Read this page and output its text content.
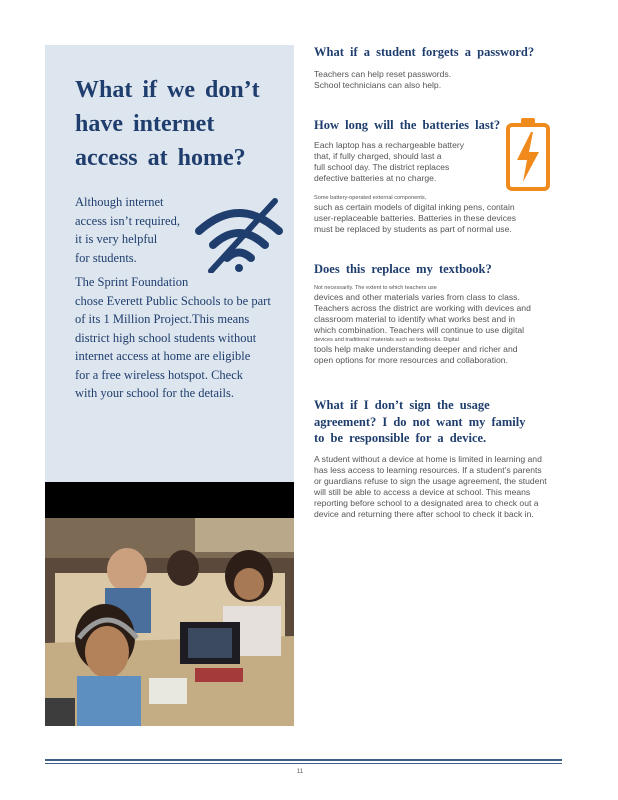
What if we don’t
have internet
access at home?

Although internet
access isn’t required,
it is very helpful
for students.

The Sprint Foundation
chose Everett Public Schools to be part
of its 1 Million Project.This means
district high school students without
internet access at home are eligible
for a free wireless hotspot. Check
with your school for the details.

What if a student forgets a password?

Teachers can help reset passwords.
School technicians can also help.

How long will the batteries last?

Each laptop has a rechargeable battery
that, if fully charged, should last a
full school day. The district replaces
defective batteries at no charge.

Some battery-operated external components,
such as certain models of digital inking pens, contain
user-replaceable batteries. Batteries in these devices
must be replaced by students as part of normal use.

Does this replace my textbook?

Not necessarily. The extent to which teachers use
devices and other materials varies from class to class.
Teachers across the district are working with devices and
classroom material to identify what works best and in
which combination. Teachers will continue to use digital
devices and traditional materials such as textbooks. Digital
tools help make understanding deeper and richer and
open options for more resources and collaboration.

What if I don’t sign the usage
agreement? I do not want my family
to be responsible for a device.

A student without a device at home is limited in learning and
has less access to learning resources. If a student’s parents
or guardians refuse to sign the usage agreement, the student
will still be able to access a device at school. This means
reporting before school to a designated area to check out a
device and returning there after school to check it back in.

11
